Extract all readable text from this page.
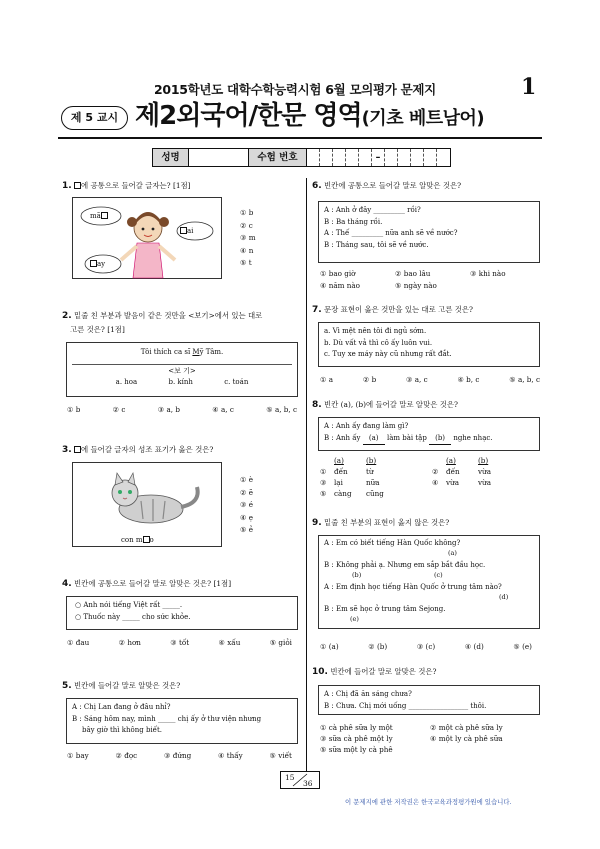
2015학년도 대학수학능력시험 6월 모의평가 문제지	1
제 5 교시 제2외국어/한문 영역(기초 베트남어)
성명	수험 번호	–
1. 에 공통으로 들어갈 글자는? [1점]
mã
ai
ay
① b
② c
③ m
④ n
⑤ t
2. 밑줄 친 부분과 발음이 같은 것만을 <보기>에서 있는 대로
고른 것은? [1점]
Tôi thích ca sĩ Mỹ Tâm.
<보 기>
a. hoa	b. kính	c. toán
① b	② c	③ a, b	④ a, c	⑤ a, b, c
3. 에 들어갈 글자의 성조 표기가 옳은 것은?
con m o
① è
② ẽ
③ é
④ ẹ
⑤ ẻ
4. 빈칸에 공통으로 들어갈 말로 알맞은 것은? [1점]
○ Anh nói tiếng Việt rất _____.
○ Thuốc này _____ cho sức khỏe.
① đau	② hơn	③ tốt	④ xấu	⑤ giỏi
5. 빈칸에 들어갈 말로 알맞은 것은?
A : Chị Lan đang ở đâu nhỉ?
B : Sáng hôm nay, mình _____ chị ấy ở thư viện nhưng
bây giờ thì không biết.
① bay	② đọc	③ đứng	④ thấy	⑤ viết
6. 빈칸에 공통으로 들어갈 말로 알맞은 것은?
A : Anh ở đây _________ rồi?
B : Ba tháng rồi.
A : Thế _________ nữa anh sẽ về nước?
B : Tháng sau, tôi sẽ về nước.
① bao giờ	② bao lâu	③ khi nào
④ năm nào	⑤ ngày nào
7. 문장 표현이 옳은 것만을 있는 대로 고른 것은?
a. Vì mệt nên tôi đi ngủ sớm.
b. Dù vất vả thì cô ấy luôn vui.
c. Tuy xe máy này cũ nhưng rất đắt.
① a	② b	③ a, c	④ b, c	⑤ a, b, c
8. 빈칸 (a), (b)에 들어갈 말로 알맞은 것은?
A : Anh ấy đang làm gì?
B : Anh ấy (a) làm bài tập (b) nghe nhạc.
(a)	(b)	(a)	(b)
①	đến	từ	②	đến	vừa
③	lại	nữa	④	vừa	vừa
⑤	càng	cũng
9. 밑줄 친 부분의 표현이 옳지 않은 것은?
A : Em có biết tiếng Hàn Quốc không?
(a)
B : Không phải ạ. Nhưng em sắp bắt đầu học.
(b)	(c)
A : Em định học tiếng Hàn Quốc ở trung tâm nào?
(d)
B : Em sẽ học ở trung tâm Sejong.
(e)
① (a)	② (b)	③ (c)	④ (d)	⑤ (e)
10. 빈칸에 들어갈 말로 알맞은 것은?
A : Chị đã ăn sáng chưa?
B : Chưa. Chị mới uống _________________ thôi.
① cà phê sữa ly một	② một cà phê sữa ly
③ sữa cà phê một ly	④ một ly cà phê sữa
⑤ sữa một ly cà phê
15
36
이 문제지에 관한 저작권은 한국교육과정평가원에 있습니다.
